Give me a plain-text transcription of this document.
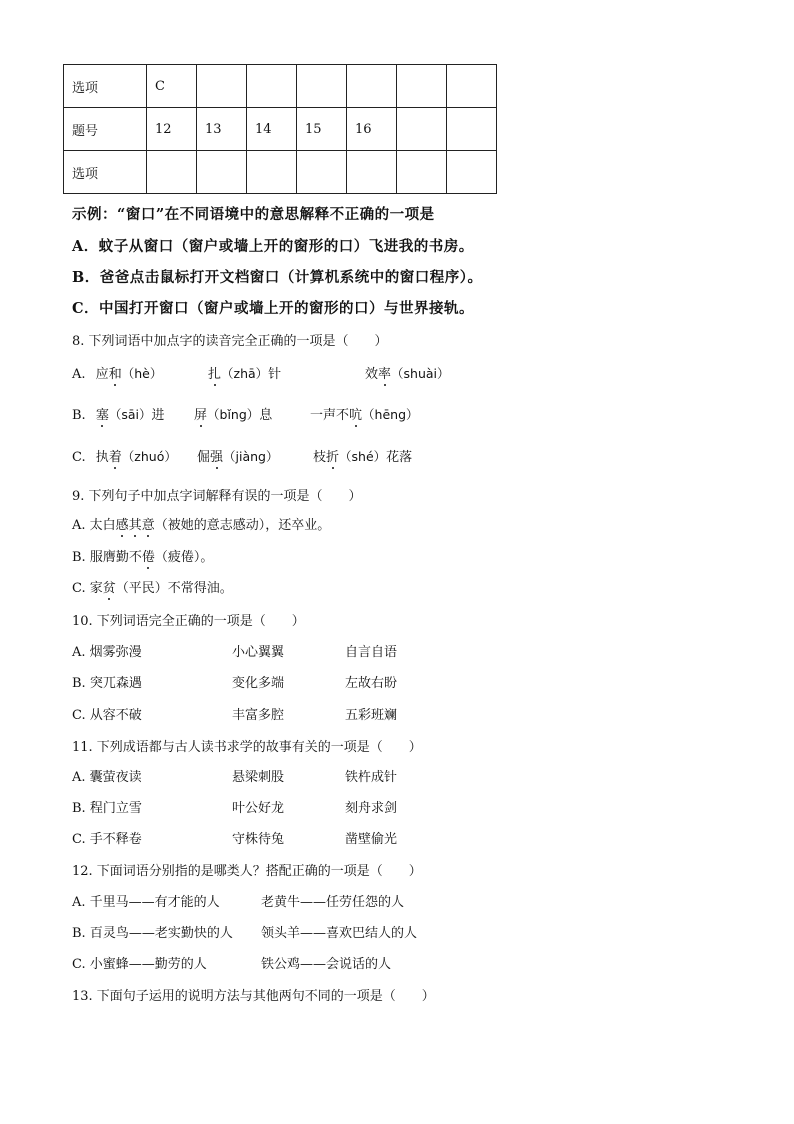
选项	C						
题号	12	13	14	15	16		
选项							
示例：“窗口”在不同语境中的意思解释不正确的一项是
A．蚊子从窗口（窗户或墙上开的窗形的口）飞进我的书房。
B．爸爸点击鼠标打开文档窗口（计算机系统中的窗口程序）。
C．中国打开窗口（窗户或墙上开的窗形的口）与世界接轨。
8. 下列词语中加点字的读音完全正确的一项是（　　）
A. 应和（hè）	扎（zhā）针	效率（shuài）
B. 塞（sāi）进 屏（bǐng）息	一声不吭（hēng）
C. 执着（zhuó） 倔强（jiàng）	枝折（shé）花落
9. 下列句子中加点字词解释有误的一项是（　　）
A. 太白感其意（被她的意志感动），还卒业。
B. 服膺勤不倦（疲倦）。
C. 家贫（平民）不常得油。
10. 下列词语完全正确的一项是（　　）
A. 烟雾弥漫	小心翼翼	自言自语
B. 突兀森遇	变化多端	左故右盼
C. 从容不破	丰富多腔	五彩班斓
11. 下列成语都与古人读书求学的故事有关的一项是（　　）
A. 囊萤夜读	悬梁刺股	铁杵成针
B. 程门立雪	叶公好龙	刻舟求剑
C. 手不释卷	守株待兔	凿壁偷光
12. 下面词语分别指的是哪类人？搭配正确的一项是（　　）
A. 千里马——有才能的人	老黄牛——任劳任怨的人
B. 百灵鸟——老实勤快的人 领头羊——喜欢巴结人的人
C. 小蜜蜂——勤劳的人	铁公鸡——会说话的人
13. 下面句子运用的说明方法与其他两句不同的一项是（　　）
